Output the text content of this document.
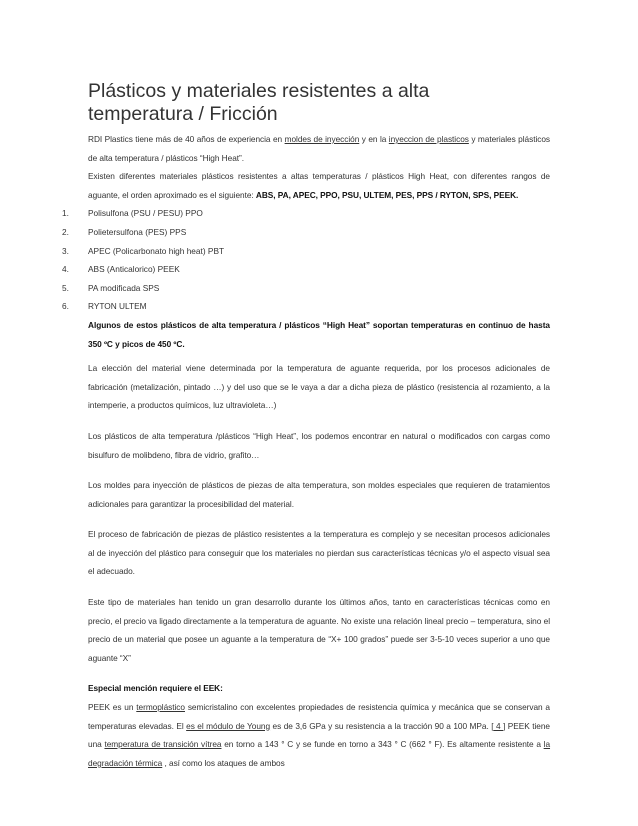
Plásticos y materiales resistentes a alta
temperatura / Fricción

RDI Plastics tiene más de 40 años de experiencia en moldes de inyección y en la inyeccion de plasticos y materiales plásticos de alta temperatura / plásticos “High Heat”.

Existen diferentes materiales plásticos resistentes a altas temperaturas / plásticos High Heat, con diferentes rangos de aguante, el orden aproximado es el siguiente: ABS, PA, APEC, PPO, PSU, ULTEM, PES, PPS / RYTON, SPS, PEEK.

1. Polisulfona (PSU / PESU) PPO
2. Polietersulfona (PES) PPS
3. APEC (Policarbonato high heat) PBT
4. ABS (Anticalorico) PEEK
5. PA modificada SPS
6. RYTON ULTEM

Algunos de estos plásticos de alta temperatura / plásticos “High Heat” soportan temperaturas en continuo de hasta 350 ºC y picos de 450 ºC.

La elección del material viene determinada por la temperatura de aguante requerida, por los procesos adicionales de fabricación (metalización, pintado …) y del uso que se le vaya a dar a dicha pieza de plástico (resistencia al rozamiento, a la intemperie, a productos químicos, luz ultravioleta…)

Los plásticos de alta temperatura /plásticos “High Heat”, los podemos encontrar en natural o modificados con cargas como bisulfuro de molibdeno, fibra de vidrio, grafito…

Los moldes para inyección de plásticos de piezas de alta temperatura, son moldes especiales que requieren de tratamientos adicionales para garantizar la procesibilidad del material.

El proceso de fabricación de piezas de plástico resistentes a la temperatura es complejo y se necesitan procesos adicionales al de inyección del plástico para conseguir que los materiales no pierdan sus características técnicas y/o el aspecto visual sea el adecuado.

Este tipo de materiales han tenido un gran desarrollo durante los últimos años, tanto en características técnicas como en precio, el precio va ligado directamente a la temperatura de aguante. No existe una relación lineal precio – temperatura, sino el precio de un material que posee un aguante a la temperatura de “X+ 100 grados” puede ser 3-5-10 veces superior a uno que aguante “X”

Especial mención requiere el EEK:

PEEK es un termoplástico semicristalino con excelentes propiedades de resistencia química y mecánica que se conservan a temperaturas elevadas. El es el módulo de Young es de 3,6 GPa y su resistencia a la tracción 90 a 100 MPa. [ 4 ] PEEK tiene una temperatura de transición vítrea en torno a 143 ° C y se funde en torno a 343 ° C (662 ° F). Es altamente resistente a la degradación térmica , así como los ataques de ambos
